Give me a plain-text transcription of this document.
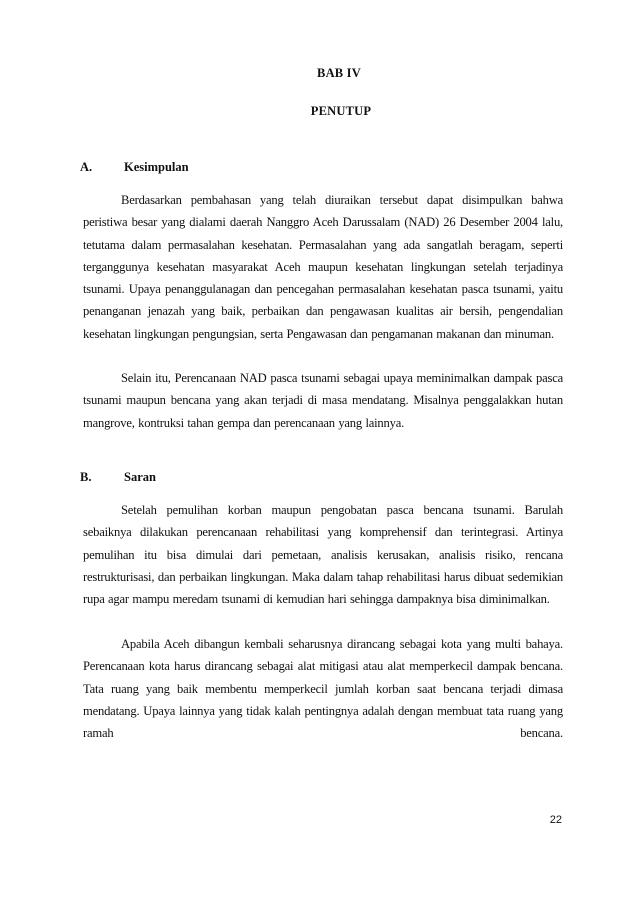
BAB IV
PENUTUP
A.	Kesimpulan

Berdasarkan pembahasan yang telah diuraikan tersebut dapat disimpulkan bahwa peristiwa besar yang dialami daerah Nanggro Aceh Darussalam (NAD) 26 Desember 2004 lalu, tetutama dalam permasalahan kesehatan. Permasalahan yang ada sangatlah beragam, seperti terganggunya kesehatan masyarakat Aceh maupun kesehatan lingkungan setelah terjadinya tsunami. Upaya penanggulanagan dan pencegahan permasalahan kesehatan pasca tsunami, yaitu penanganan jenazah yang baik, perbaikan dan pengawasan kualitas air bersih, pengendalian kesehatan lingkungan pengungsian, serta Pengawasan dan pengamanan makanan dan minuman.

Selain itu, Perencanaan NAD pasca tsunami sebagai upaya meminimalkan dampak pasca tsunami maupun bencana yang akan terjadi di masa mendatang. Misalnya penggalakkan hutan mangrove, kontruksi tahan gempa dan perencanaan yang lainnya.

B.	Saran

Setelah pemulihan korban maupun pengobatan pasca bencana tsunami. Barulah sebaiknya dilakukan perencanaan rehabilitasi yang komprehensif dan terintegrasi. Artinya pemulihan itu bisa dimulai dari pemetaan, analisis kerusakan, analisis risiko, rencana restrukturisasi, dan perbaikan lingkungan. Maka dalam tahap rehabilitasi harus dibuat sedemikian rupa agar mampu meredam tsunami di kemudian hari sehingga dampaknya bisa diminimalkan.

Apabila Aceh dibangun kembali seharusnya dirancang sebagai kota yang multi bahaya. Perencanaan kota harus dirancang sebagai alat mitigasi atau alat memperkecil dampak bencana. Tata ruang yang baik membentu memperkecil jumlah korban saat bencana terjadi dimasa mendatang. Upaya lainnya yang tidak kalah pentingnya adalah dengan membuat tata ruang yang ramah bencana.

22
